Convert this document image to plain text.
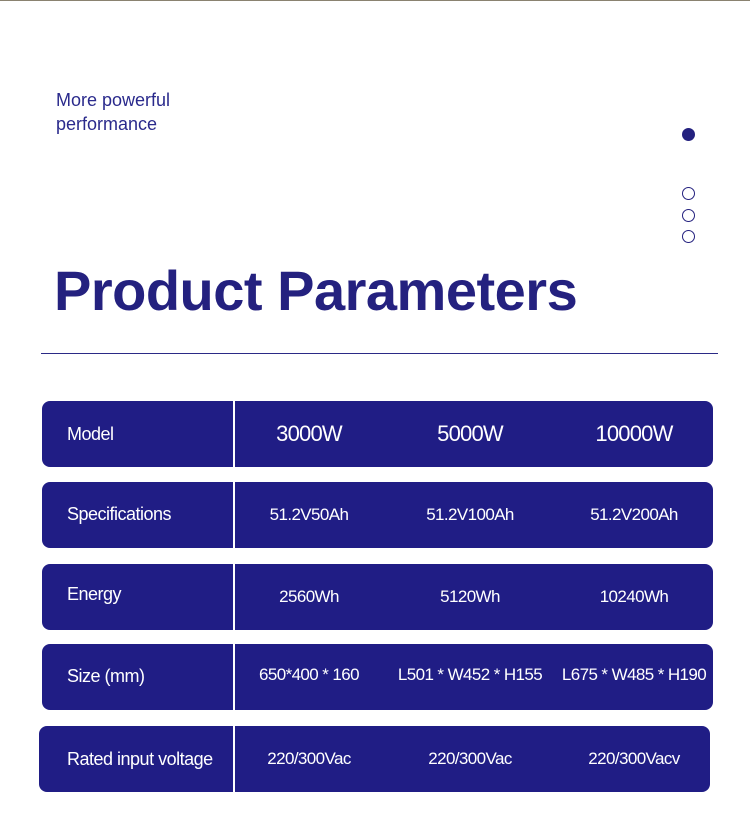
More powerful
performance
Product Parameters
Model	3000W	5000W	10000W
Specifications	51.2V50Ah	51.2V100Ah	51.2V200Ah
Energy	2560Wh	5120Wh	10240Wh
Size (mm)	650*400 * 160	L501 * W452 * H155	L675 * W485 * H190
Rated input voltage	220/300Vac	220/300Vac	220/300Vacv
